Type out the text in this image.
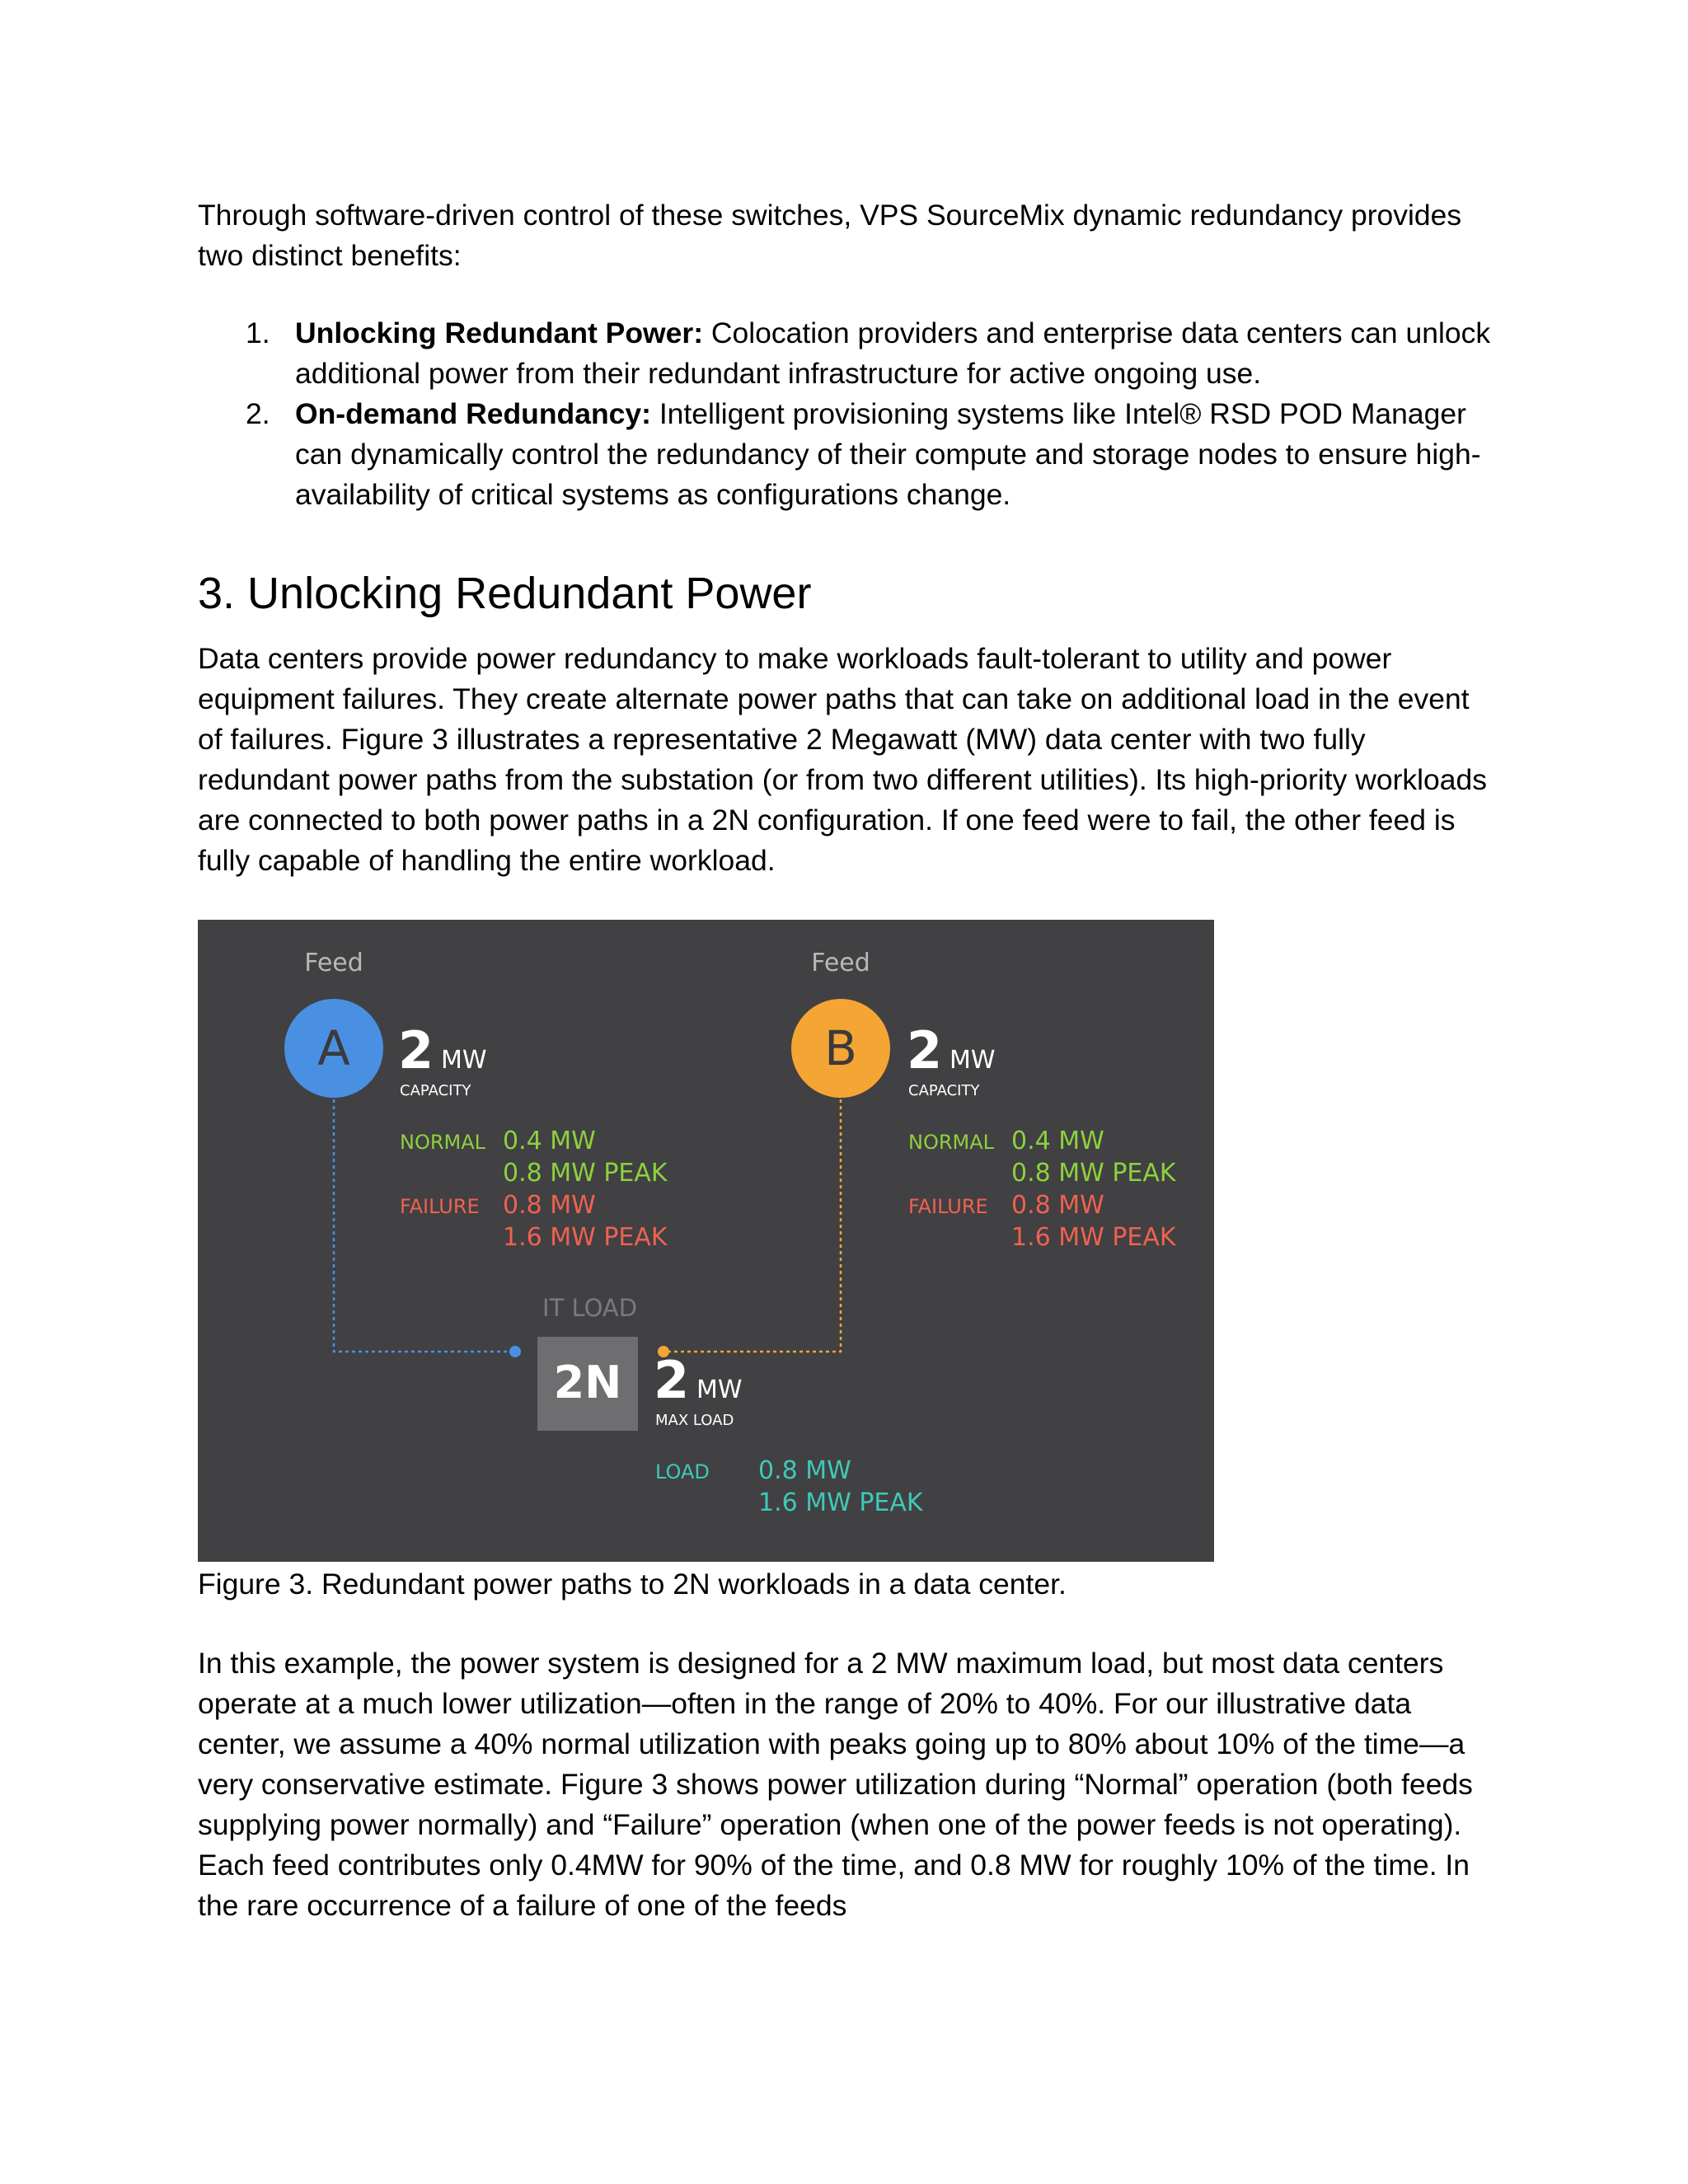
Through software-driven control of these switches, VPS SourceMix dynamic redundancy provides two distinct benefits:

1. Unlocking Redundant Power: Colocation providers and enterprise data centers can unlock additional power from their redundant infrastructure for active ongoing use.
2. On-demand Redundancy: Intelligent provisioning systems like Intel® RSD POD Manager can dynamically control the redundancy of their compute and storage nodes to ensure high-availability of critical systems as configurations change.
3. Unlocking Redundant Power

Data centers provide power redundancy to make workloads fault-tolerant to utility and power equipment failures. They create alternate power paths that can take on additional load in the event of failures. Figure 3 illustrates a representative 2 Megawatt (MW) data center with two fully redundant power paths from the substation (or from two different utilities). Its high-priority workloads are connected to both power paths in a 2N configuration. If one feed were to fail, the other feed is fully capable of handling the entire workload.

Feed
A 2 MW
CAPACITY
NORMAL 0.4 MW
0.8 MW PEAK
FAILURE 0.8 MW
1.6 MW PEAK
Feed
B 2 MW
CAPACITY
NORMAL 0.4 MW
0.8 MW PEAK
FAILURE 0.8 MW
1.6 MW PEAK
IT LOAD
2N 2 MW
MAX LOAD
LOAD 0.8 MW
1.6 MW PEAK

Figure 3. Redundant power paths to 2N workloads in a data center.

In this example, the power system is designed for a 2 MW maximum load, but most data centers operate at a much lower utilization—often in the range of 20% to 40%. For our illustrative data center, we assume a 40% normal utilization with peaks going up to 80% about 10% of the time—a very conservative estimate. Figure 3 shows power utilization during “Normal” operation (both feeds supplying power normally) and “Failure” operation (when one of the power feeds is not operating). Each feed contributes only 0.4MW for 90% of the time, and 0.8 MW for roughly 10% of the time. In the rare occurrence of a failure of one of the feeds
